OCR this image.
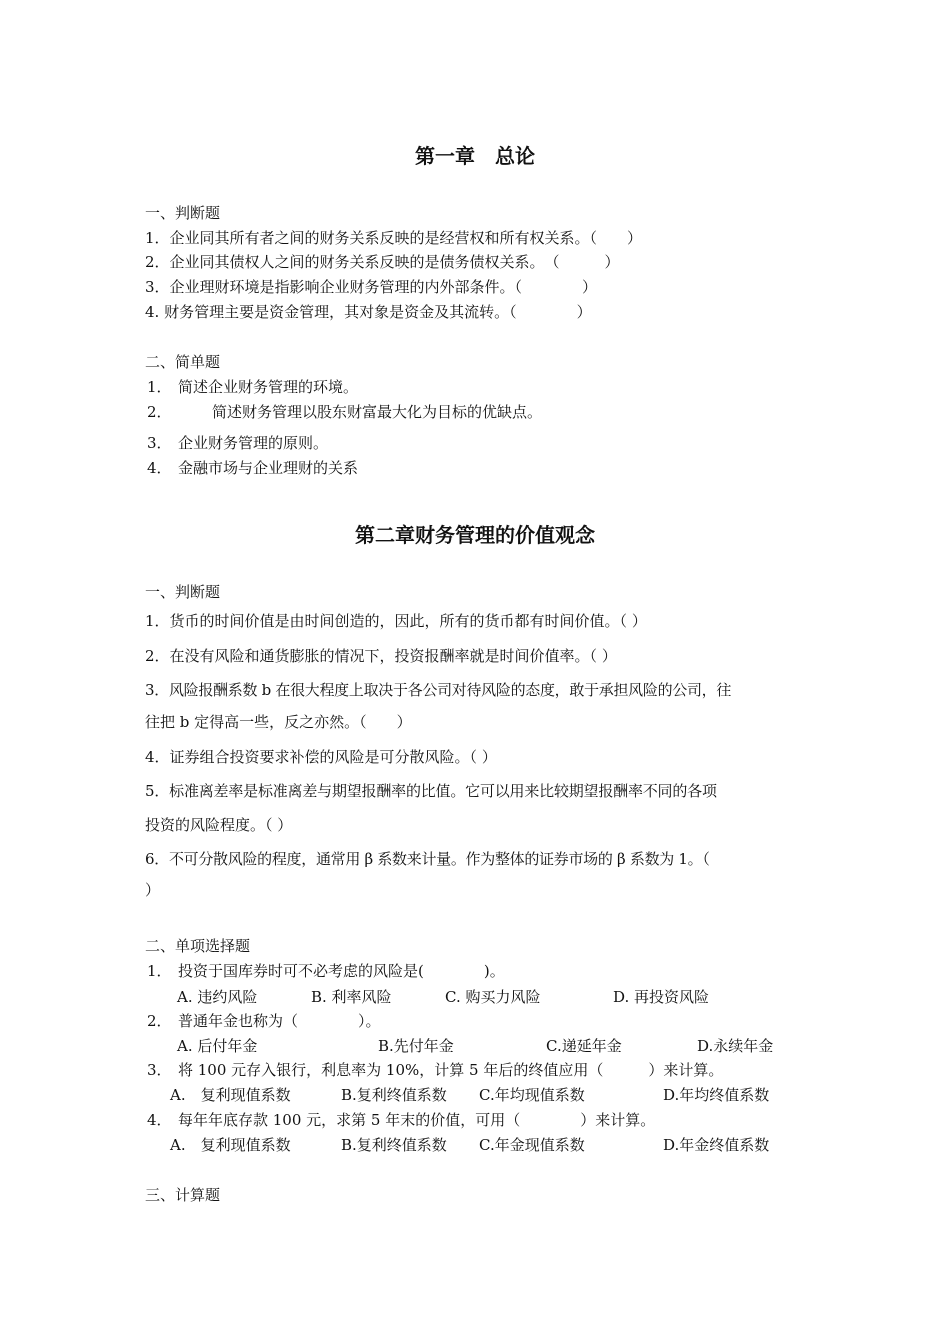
第一章　总论
一、判断题
1．企业同其所有者之间的财务关系反映的是经营权和所有权关系。（　　）
2．企业同其债权人之间的财务关系反映的是债务债权关系。　（　　　）
3．企业理财环境是指影响企业财务管理的内外部条件。（　　　　）
4. 财务管理主要是资金管理，其对象是资金及其流转。（　　　　）
二、简单题
1． 简述企业财务管理的环境。
2．	简述财务管理以股东财富最大化为目标的优缺点。
3． 企业财务管理的原则。
4． 金融市场与企业理财的关系
第二章财务管理的价值观念
一、判断题
1．货币的时间价值是由时间创造的，因此，所有的货币都有时间价值。（ ）
2．在没有风险和通货膨胀的情况下，投资报酬率就是时间价值率。（ ）
3．风险报酬系数 b 在很大程度上取决于各公司对待风险的态度，敢于承担风险的公司，往
往把 b 定得高一些，反之亦然。（　　）
4．证券组合投资要求补偿的风险是可分散风险。（ ）
5．标准离差率是标准离差与期望报酬率的比值。它可以用来比较期望报酬率不同的各项
投资的风险程度。（ ）
6．不可分散风险的程度，通常用 β 系数来计量。作为整体的证券市场的 β 系数为 1。（
）
二、单项选择题
1． 投资于国库券时可不必考虑的风险是(　　　　)。
A. 违约风险	B. 利率风险	C. 购买力风险	D. 再投资风险
2． 普通年金也称为（　　　　）。
A. 后付年金	B.先付年金	C.递延年金	D.永续年金
3． 将 100 元存入银行，利息率为 10%，计算 5 年后的终值应用（　　　）来计算。
A.　复利现值系数	B.复利终值系数 C.年均现值系数	D.年均终值系数
4． 每年年底存款 100 元，求第 5 年末的价值，可用（　　　　）来计算。
A.　复利现值系数	B.复利终值系数 C.年金现值系数	D.年金终值系数
三、计算题
